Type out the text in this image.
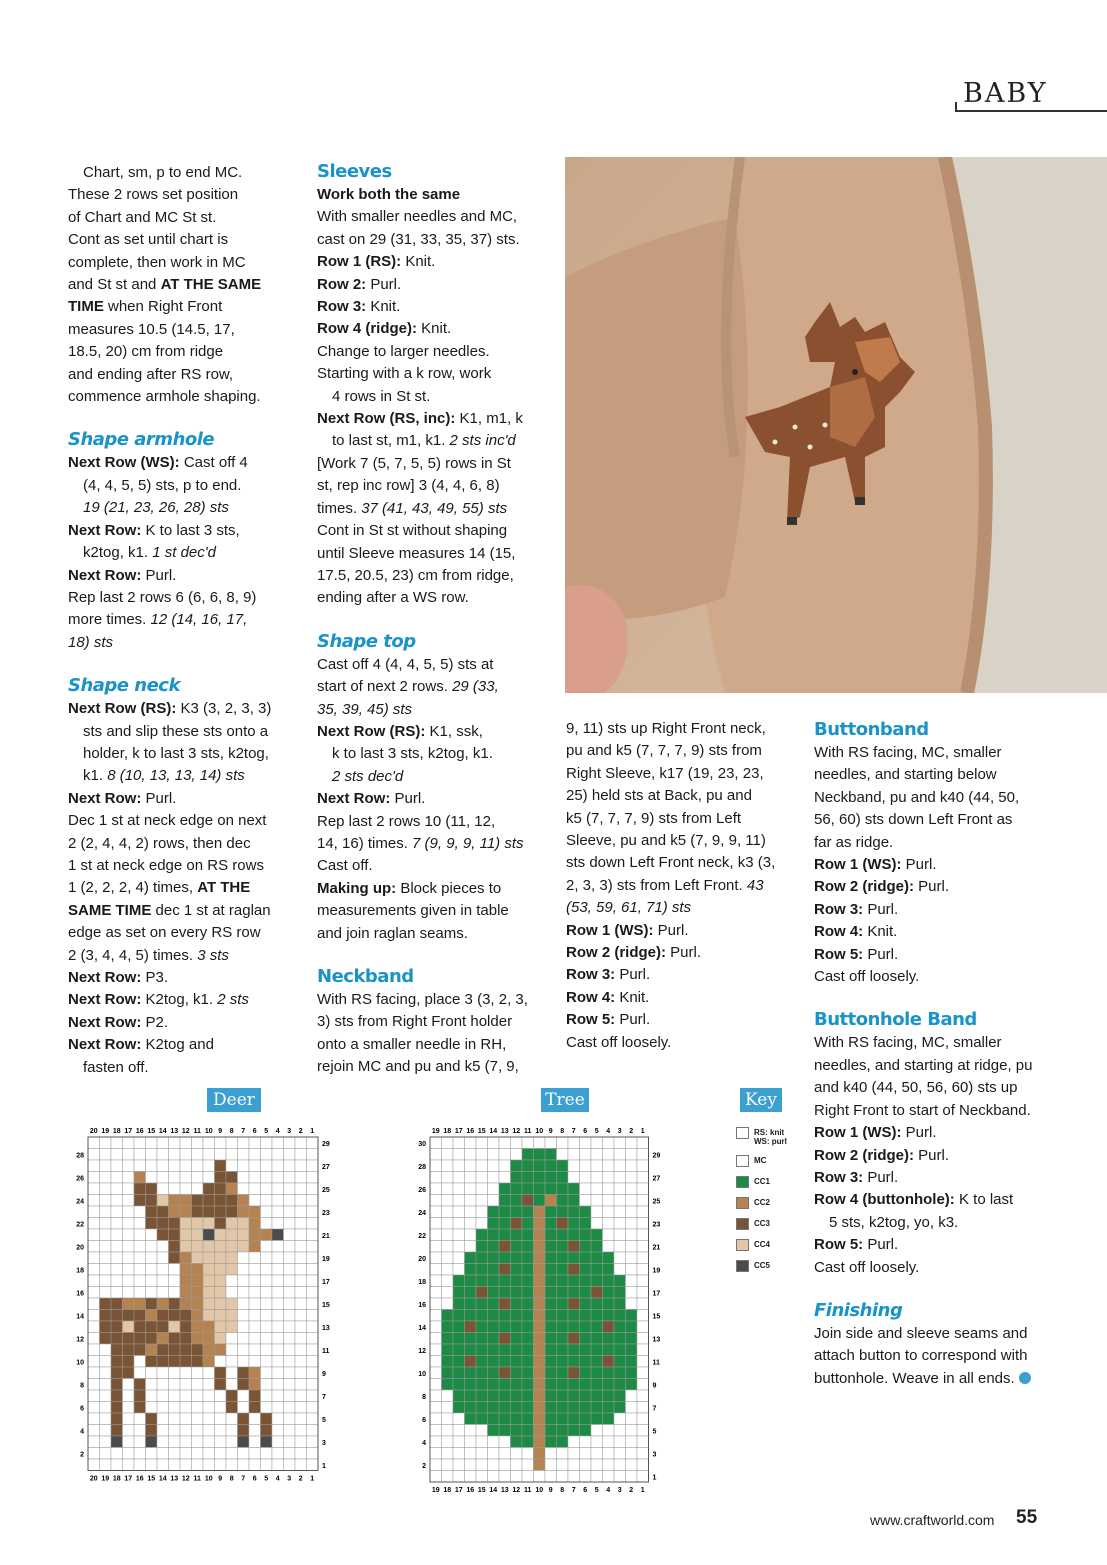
BABY

Chart, sm, p to end MC.

These 2 rows set position

of Chart and MC St st.

Cont as set until chart is

complete, then work in MC

and St st and AT THE SAME

TIME when Right Front

measures 10.5 (14.5, 17,

18.5, 20) cm from ridge

and ending after RS row,

commence armhole shaping.

Shape armhole

Next Row (WS): Cast off 4

(4, 4, 5, 5) sts, p to end.

19 (21, 23, 26, 28) sts

Next Row: K to last 3 sts,

k2tog, k1. 1 st dec'd

Next Row: Purl.

Rep last 2 rows 6 (6, 6, 8, 9)

more times. 12 (14, 16, 17,

18) sts

Shape neck

Next Row (RS): K3 (3, 2, 3, 3)

sts and slip these sts onto a

holder, k to last 3 sts, k2tog,

k1. 8 (10, 13, 13, 14) sts

Next Row: Purl.

Dec 1 st at neck edge on next

2 (2, 4, 4, 2) rows, then dec

1 st at neck edge on RS rows

1 (2, 2, 2, 4) times, AT THE

SAME TIME dec 1 st at raglan

edge as set on every RS row

2 (3, 4, 4, 5) times. 3 sts

Next Row: P3.

Next Row: K2tog, k1. 2 sts

Next Row: P2.

Next Row: K2tog and

fasten off.

Sleeves

Work both the same

With smaller needles and MC,

cast on 29 (31, 33, 35, 37) sts.

Row 1 (RS): Knit.

Row 2: Purl.

Row 3: Knit.

Row 4 (ridge): Knit.

Change to larger needles.

Starting with a k row, work

4 rows in St st.

Next Row (RS, inc): K1, m1, k

to last st, m1, k1. 2 sts inc'd

[Work 7 (5, 7, 5, 5) rows in St

st, rep inc row] 3 (4, 4, 6, 8)

times. 37 (41, 43, 49, 55) sts

Cont in St st without shaping

until Sleeve measures 14 (15,

17.5, 20.5, 23) cm from ridge,

ending after a WS row.

Shape top

Cast off 4 (4, 4, 5, 5) sts at

start of next 2 rows. 29 (33,

35, 39, 45) sts

Next Row (RS): K1, ssk,

k to last 3 sts, k2tog, k1.

2 sts dec'd

Next Row: Purl.

Rep last 2 rows 10 (11, 12,

14, 16) times. 7 (9, 9, 9, 11) sts

Cast off.

Making up: Block pieces to

measurements given in table

and join raglan seams.

Neckband

With RS facing, place 3 (3, 2, 3,

3) sts from Right Front holder

onto a smaller needle in RH,

rejoin MC and pu and k5 (7, 9,

9, 11) sts up Right Front neck,

pu and k5 (7, 7, 7, 9) sts from

Right Sleeve, k17 (19, 23, 23,

25) held sts at Back, pu and

k5 (7, 7, 7, 9) sts from Left

Sleeve, pu and k5 (7, 9, 9, 11)

sts down Left Front neck, k3 (3,

2, 3, 3) sts from Left Front. 43

(53, 59, 61, 71) sts

Row 1 (WS): Purl.

Row 2 (ridge): Purl.

Row 3: Purl.

Row 4: Knit.

Row 5: Purl.

Cast off loosely.

Buttonband

With RS facing, MC, smaller

needles, and starting below

Neckband, pu and k40 (44, 50,

56, 60) sts down Left Front as

far as ridge.

Row 1 (WS): Purl.

Row 2 (ridge): Purl.

Row 3: Purl.

Row 4: Knit.

Row 5: Purl.

Cast off loosely.

Buttonhole Band

With RS facing, MC, smaller

needles, and starting at ridge, pu

and k40 (44, 50, 56, 60) sts up

Right Front to start of Neckband.

Row 1 (WS): Purl.

Row 2 (ridge): Purl.

Row 3: Purl.

Row 4 (buttonhole): K to last

5 sts, k2tog, yo, k3.

Row 5: Purl.

Cast off loosely.

Finishing

Join side and sleeve seams and

attach button to correspond with

buttonhole. Weave in all ends.

Deer	Tree	Key
20
20
19
19
18
18
17
17
16
16
15
15
14
14
13
13
12
12
11
11
10
10
9
9
8
8
7
7
6
6
5
5
4
4
3
3
2
2
1
1
29
28
27
26
25
24
23
22
21
20
19
18
17
16
15
14
13
12
11
10
9
8
7
6
5
4
3
2
1
19
19
18
18
17
17
16
16
15
15
14
14
13
13
12
12
11
11
10
10
9
9
8
8
7
7
6
6
5
5
4
4
3
3
2
2
1
1
30
29
28
27
26
25
24
23
22
21
20
19
18
17
16
15
14
13
12
11
10
9
8
7
6
5
4
3
2
1
RS: knit
WS: purl
MC
CC1
CC2
CC3
CC4
CC5
www.craftworld.com 55
